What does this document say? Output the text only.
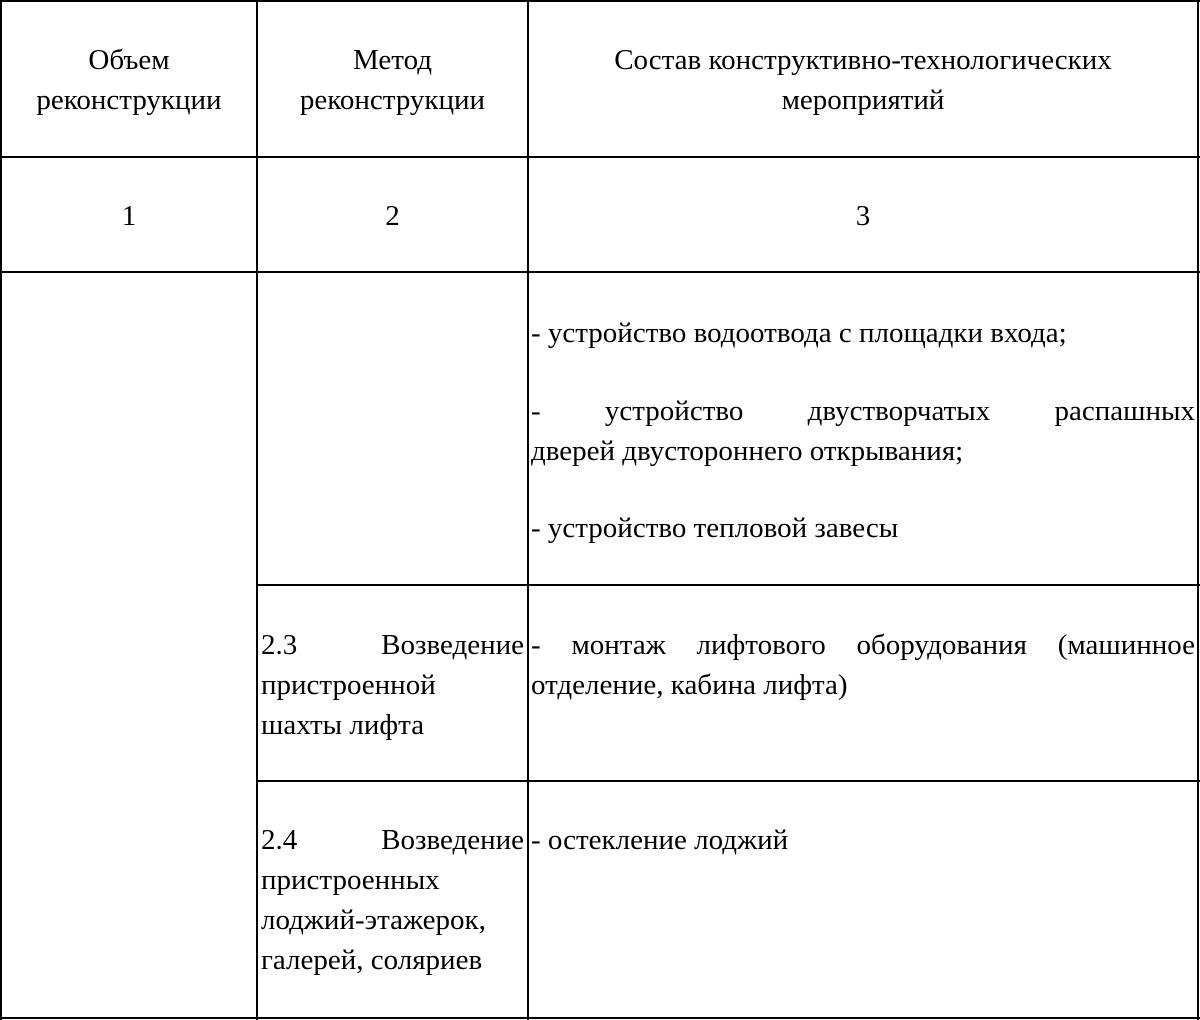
Объем
реконструкции
Метод
реконструкции
Состав конструктивно-технологических
мероприятий
1	2	3
- устройство водоотвода с площадки входа;
- устройство двустворчатых распашных
дверей двустороннего открывания;
- устройство тепловой завесы
2.3 Возведение
пристроенной
шахты лифта
- монтаж лифтового оборудования (машинное
отделение, кабина лифта)
2.4 Возведение
пристроенных
лоджий-этажерок,
галерей, соляриев
- остекление лоджий
